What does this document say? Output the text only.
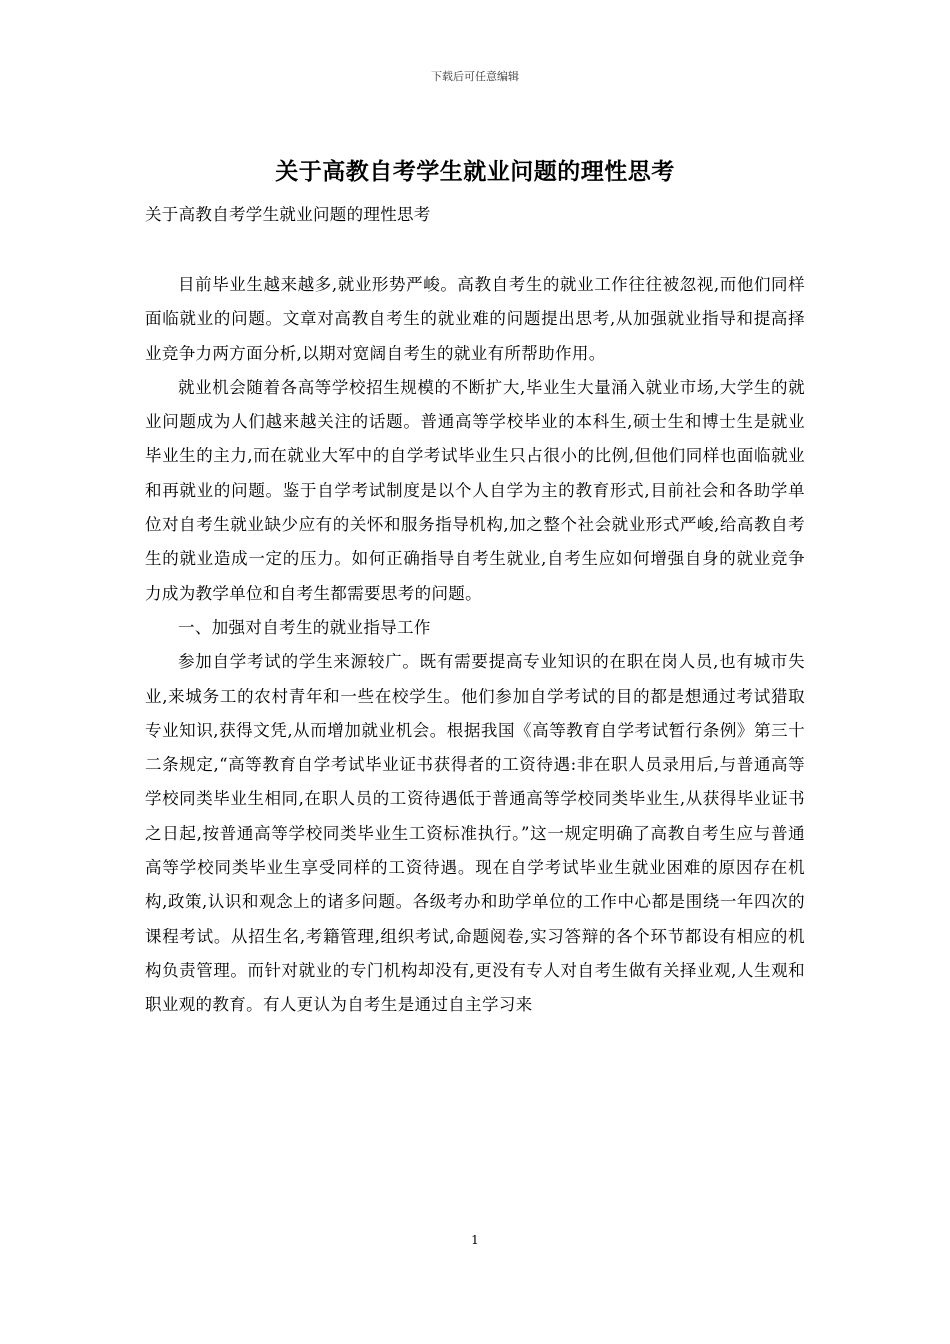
下载后可任意编辑
关于高教自考学生就业问题的理性思考
关于高教自考学生就业问题的理性思考

目前毕业生越来越多,就业形势严峻。高教自考生的就业工作往往被忽视,而他们同样面临就业的问题。文章对高教自考生的就业难的问题提出思考,从加强就业指导和提高择业竞争力两方面分析,以期对宽阔自考生的就业有所帮助作用。

就业机会随着各高等学校招生规模的不断扩大,毕业生大量涌入就业市场,大学生的就业问题成为人们越来越关注的话题。普通高等学校毕业的本科生,硕士生和博士生是就业毕业生的主力,而在就业大军中的自学考试毕业生只占很小的比例,但他们同样也面临就业和再就业的问题。鉴于自学考试制度是以个人自学为主的教育形式,目前社会和各助学单位对自考生就业缺少应有的关怀和服务指导机构,加之整个社会就业形式严峻,给高教自考生的就业造成一定的压力。如何正确指导自考生就业,自考生应如何增强自身的就业竞争力成为教学单位和自考生都需要思考的问题。

一、加强对自考生的就业指导工作

参加自学考试的学生来源较广。既有需要提高专业知识的在职在岗人员,也有城市失业,来城务工的农村青年和一些在校学生。他们参加自学考试的目的都是想通过考试猎取专业知识,获得文凭,从而增加就业机会。根据我国《高等教育自学考试暂行条例》第三十二条规定,“高等教育自学考试毕业证书获得者的工资待遇:非在职人员录用后,与普通高等学校同类毕业生相同,在职人员的工资待遇低于普通高等学校同类毕业生,从获得毕业证书之日起,按普通高等学校同类毕业生工资标准执行。”这一规定明确了高教自考生应与普通高等学校同类毕业生享受同样的工资待遇。现在自学考试毕业生就业困难的原因存在机构,政策,认识和观念上的诸多问题。各级考办和助学单位的工作中心都是围绕一年四次的课程考试。从招生名,考籍管理,组织考试,命题阅卷,实习答辩的各个环节都设有相应的机构负责管理。而针对就业的专门机构却没有,更没有专人对自考生做有关择业观,人生观和职业观的教育。有人更认为自考生是通过自主学习来

1
